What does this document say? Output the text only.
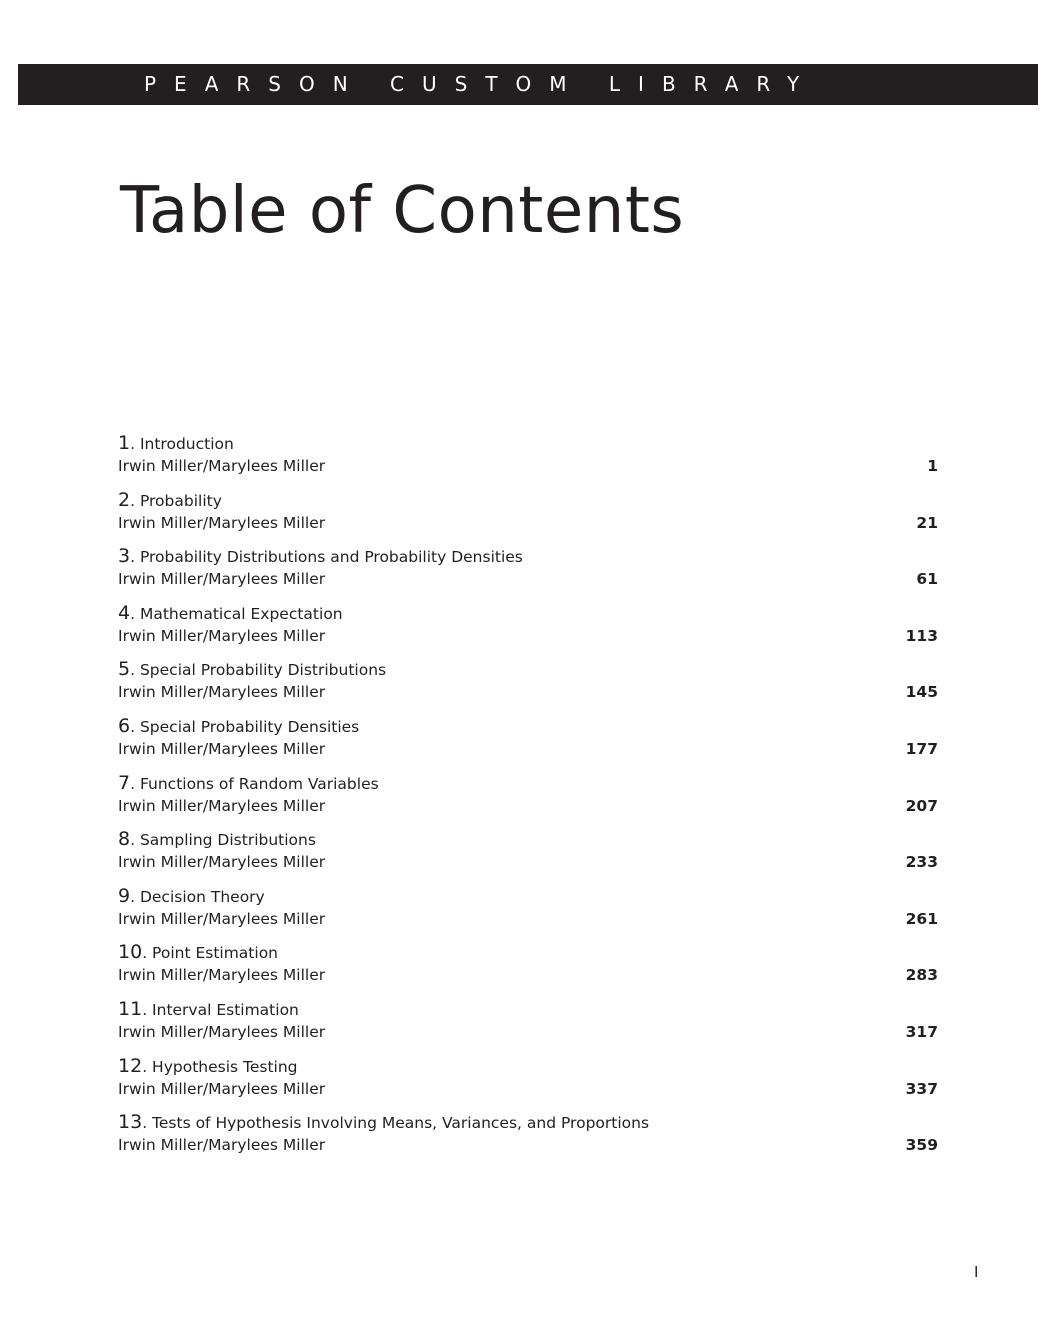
PEARSON CUSTOM LIBRARY
Table of Contents
1. Introduction
Irwin Miller/Marylees Miller	1
2. Probability
Irwin Miller/Marylees Miller	21
3. Probability Distributions and Probability Densities
Irwin Miller/Marylees Miller	61
4. Mathematical Expectation
Irwin Miller/Marylees Miller	113
5. Special Probability Distributions
Irwin Miller/Marylees Miller	145
6. Special Probability Densities
Irwin Miller/Marylees Miller	177
7. Functions of Random Variables
Irwin Miller/Marylees Miller	207
8. Sampling Distributions
Irwin Miller/Marylees Miller	233
9. Decision Theory
Irwin Miller/Marylees Miller	261
10. Point Estimation
Irwin Miller/Marylees Miller	283
11. Interval Estimation
Irwin Miller/Marylees Miller	317
12. Hypothesis Testing
Irwin Miller/Marylees Miller	337
13. Tests of Hypothesis Involving Means, Variances, and Proportions
Irwin Miller/Marylees Miller	359
I
